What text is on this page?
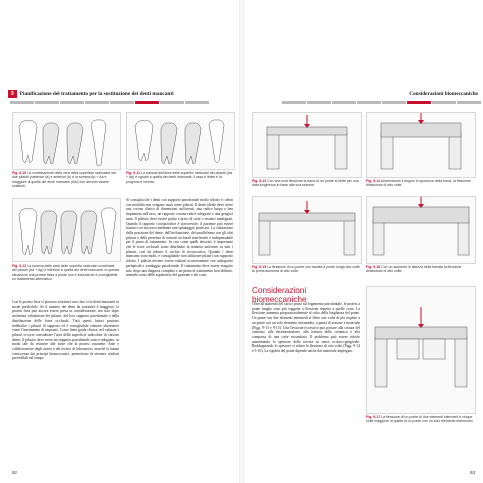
9	Pianificazione del trattamento per la sostituzione dei denti mancanti
Fig. 9-10 La combinazione della vera della superficie radicolare dei due pilastri posteriori (a) e anteriori (b) e la somma Ap + Aa è maggiore di quella dei denti mancanti (Am) che devono essere sostituiti.
Fig. 9-11 La somma dell'area delle superfici radicolari dei pilastri (Aa + Ap) è uguale a quella dei denti mancanti; il caso è limite e la prognosi è incerta.
Fig. 9-12 La somma delle aree delle superfici radicolari combinate dei pilastri (Aa + Ap) è inferiore a quella dei denti mancanti. In questa situazione una protesi fissa a ponte non è indicata ed è consigliabile un trattamento alternativo.

Con le protesi fisse si possono sostituire uno, due o tre denti mancanti in modo predicibile. Se il numero dei denti da sostituire è maggiore, la protesi fissa può ancora essere presa in considerazione, ma solo dopo un'attenta valutazione dei pilastri, del loro supporto parodontale e della distribuzione delle forze occlusali. Tutti questi fattori possono indebolire i pilastri di supporto ed è consigliabile valutare alternative come l'inserimento di impianti. Come linea guida clinica, nel valutare i pilastri occorre considerare l'area della superficie radicolare di ciascun dente; il pilastro deve avere un supporto parodontale sano e adeguato, in modo tale da resistere alle forze che la protesi trasmette. Ante e collaborazione degli autori e dei tecnici di laboratorio, nonché la buona conoscenza dei principi biomeccanici, permettono di ottenere risultati prevedibili nel tempo.

Si consiglia che i denti con supporto parodontale molto ridotto e i denti con mobilità non vengano usati come pilastri. Il dente ideale deve avere una corona clinica di dimensioni sufficienti, una radice lunga e ben impiantata nell'osso, un rapporto corona-radice adeguato e una gengiva sana. Il pilastro deve essere pulito e privo di carie o restauri inadeguati. Quando il rapporto corona/radice è sfavorevole, il paziente può essere trattato con successo mediante una splintaggio protesico. La valutazione della posizione del dente, dell'inclinazione, del parallelismo con gli altri pilastri e della presenza di contatti occlusali interferenti è indispensabile per il piano di trattamento. In casi come quelli descritti, è importante che le forze occlusali siano distribuite in maniera uniforme su tutti i pilastri, così da ridurre il rischio di sovraccarico. Quando i denti mancanti sono molti, è consigliabile non utilizzare pilastri con supporto ridotto. I pilastri devono essere valutati accuratamente con radiografie periapicali e sondaggio parodontale. Il trattamento deve essere eseguito solo dopo una diagnosi completa e un piano di trattamento ben definito, tenendo conto delle aspettative del paziente e dei costi.

92
Considerazioni biomeccaniche
Fig. 9-13 Con una sola flessione la barra di un ponte si flette per una data lunghezza in base alla sua sezione.
Fig. 9-14 Aumentando il doppio lo spessore della barra, la flessione diminuisce di otto volte.
Fig. 9-15 La flessione di un ponte con travata a ponte lunga due volte la prima aumenta di otto volte.
Fig. 9-16 Con un aumento in altezza della travata la flessione diminuisce di otto volte.
Considerazioni biomeccaniche

Oltre all'aumento del carico posto sul legamento parodontale, le protesi a ponte lunghe sono più soggette a flessione rispetto a quelle corte. La flessione aumenta proporzionalmente al cubo della lunghezza del ponte. Un ponte con due elementi intermedi si flette otto volte di più rispetto a un ponte con un solo elemento intermedio, a parità di sezione e materiale (Figg. 9-13 e 9-15). Una flessione eccessiva può portare alla rottura del cemento, alla decementazione, alla frattura della ceramica o alla comparsa di una carie secondaria. Il problema può essere ridotto aumentando lo spessore della travata in senso occluso-gengivale. Raddoppiando lo spessore si riduce la flessione di otto volte (Figg. 9-14 e 9-16). La rigidità del ponte dipende anche dal materiale impiegato.

Fig. 9-17 La flessione di un ponte di due elementi intermedi è cinque volte maggiore di quella di un ponte con un solo elemento intermedio.
93
